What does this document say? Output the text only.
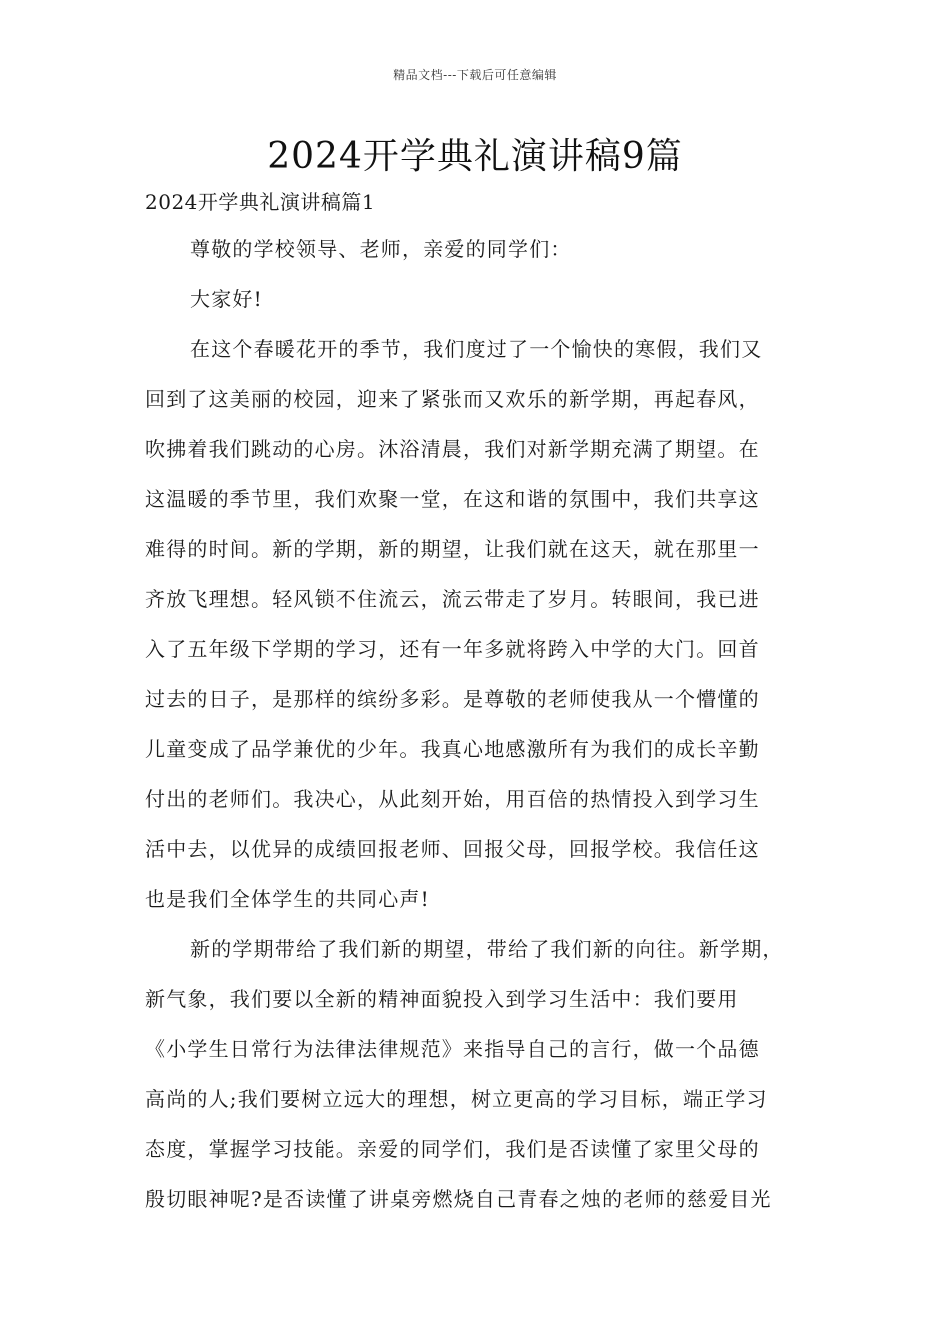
精品文档---下载后可任意编辑
2024开学典礼演讲稿9篇
2024开学典礼演讲稿篇1
尊敬的学校领导、老师，亲爱的同学们：
大家好!
在这个春暖花开的季节，我们度过了一个愉快的寒假，我们又
回到了这美丽的校园，迎来了紧张而又欢乐的新学期，再起春风，
吹拂着我们跳动的心房。沐浴清晨，我们对新学期充满了期望。在
这温暖的季节里，我们欢聚一堂，在这和谐的氛围中，我们共享这
难得的时间。新的学期，新的期望，让我们就在这天，就在那里一
齐放飞理想。轻风锁不住流云，流云带走了岁月。转眼间，我已进
入了五年级下学期的学习，还有一年多就将跨入中学的大门。回首
过去的日子，是那样的缤纷多彩。是尊敬的老师使我从一个懵懂的
儿童变成了品学兼优的少年。我真心地感激所有为我们的成长辛勤
付出的老师们。我决心，从此刻开始，用百倍的热情投入到学习生
活中去，以优异的成绩回报老师、回报父母，回报学校。我信任这
也是我们全体学生的共同心声!
新的学期带给了我们新的期望，带给了我们新的向往。新学期，
新气象，我们要以全新的精神面貌投入到学习生活中：我们要用
《小学生日常行为法律法律规范》来指导自己的言行，做一个品德
高尚的人;我们要树立远大的理想，树立更高的学习目标，端正学习
态度，掌握学习技能。亲爱的同学们，我们是否读懂了家里父母的
殷切眼神呢?是否读懂了讲桌旁燃烧自己青春之烛的老师的慈爱目光
